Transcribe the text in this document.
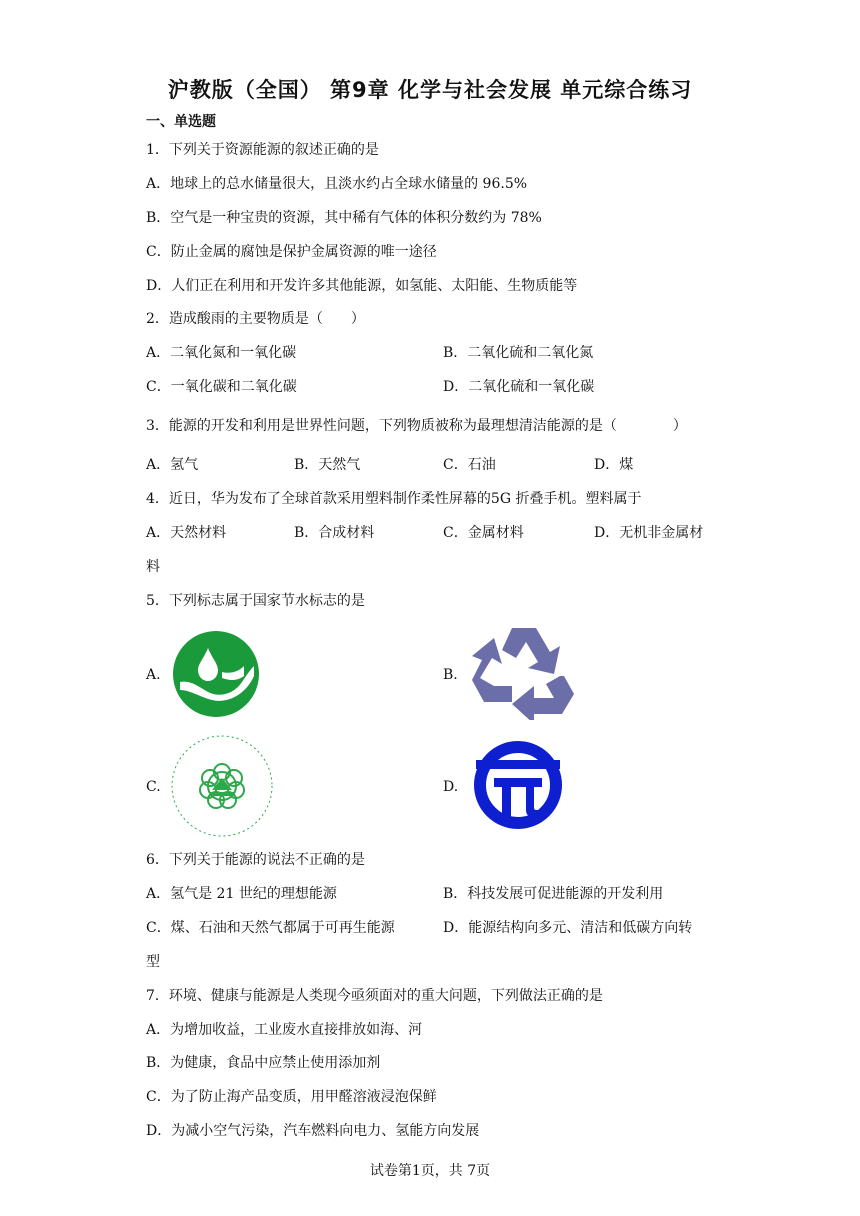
沪教版（全国） 第9章 化学与社会发展 单元综合练习
一、单选题
1．下列关于资源能源的叙述正确的是
A．地球上的总水储量很大，且淡水约占全球水储量的 96.5%
B．空气是一种宝贵的资源，其中稀有气体的体积分数约为 78%
C．防止金属的腐蚀是保护金属资源的唯一途径
D．人们正在利用和开发许多其他能源，如氢能、太阳能、生物质能等
2．造成酸雨的主要物质是（　　）
A．二氧化氮和一氧化碳	B．二氧化硫和二氧化氮
C．一氧化碳和二氧化碳	D．二氧化硫和一氧化碳
3．能源的开发和利用是世界性问题，下列物质被称为最理想清洁能源的是（　　　　）
A．氢气	B．天然气	C．石油	D．煤
4．近日，华为发布了全球首款采用塑料制作柔性屏幕的5G 折叠手机。塑料属于
A．天然材料	B．合成材料	C．金属材料	D．无机非金属材
料
5．下列标志属于国家节水标志的是
A.	B.
C.	D.
6．下列关于能源的说法不正确的是
A．氢气是 21 世纪的理想能源	B．科技发展可促进能源的开发利用
C．煤、石油和天然气都属于可再生能源	D．能源结构向多元、清洁和低碳方向转
型
7．环境、健康与能源是人类现今亟须面对的重大问题，下列做法正确的是
A．为增加收益，工业废水直接排放如海、河
B．为健康，食品中应禁止使用添加剂
C．为了防止海产品变质，用甲醛溶液浸泡保鲜
D．为减小空气污染，汽车燃料向电力、氢能方向发展
试卷第1页，共 7页
